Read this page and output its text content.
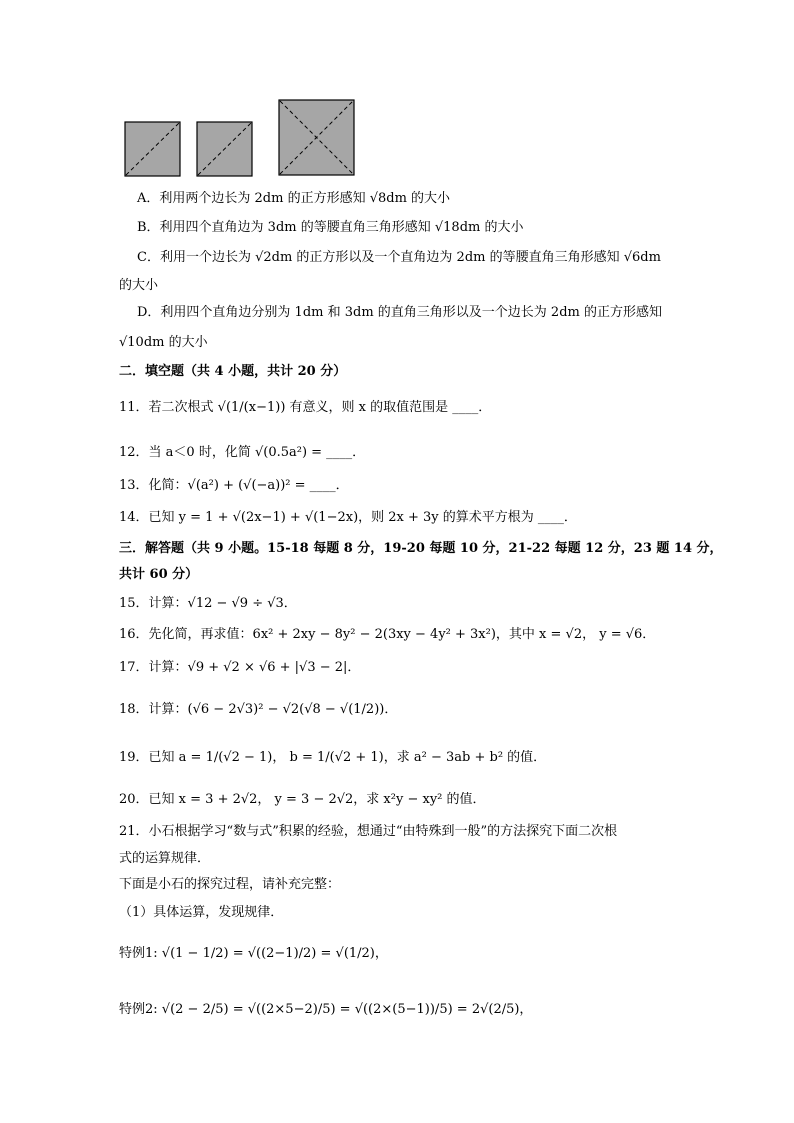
A．利用两个边长为 2dm 的正方形感知 √8dm 的大小
B．利用四个直角边为 3dm 的等腰直角三角形感知 √18dm 的大小
C．利用一个边长为 √2dm 的正方形以及一个直角边为 2dm 的等腰直角三角形感知 √6dm
的大小
D．利用四个直角边分别为 1dm 和 3dm 的直角三角形以及一个边长为 2dm 的正方形感知
√10dm 的大小
二．填空题（共 4 小题，共计 20 分）
11．若二次根式 √(1/(x−1)) 有意义，则 x 的取值范围是 ____．
12．当 a＜0 时，化简 √(0.5a²) = ____．
13．化简：√(a²) + (√(−a))² = ____．
14．已知 y = 1 + √(2x−1) + √(1−2x)，则 2x + 3y 的算术平方根为 ____．
三．解答题（共 9 小题。15-18 每题 8 分，19-20 每题 10 分，21-22 每题 12 分，23 题 14 分，
共计 60 分）
15．计算：√12 − √9 ÷ √3．
16．先化简，再求值：6x² + 2xy − 8y² − 2(3xy − 4y² + 3x²)，其中 x = √2， y = √6．
17．计算：√9 + √2 × √6 + |√3 − 2|．
18．计算：(√6 − 2√3)² − √2(√8 − √(1/2))．
19．已知 a = 1/(√2 − 1)， b = 1/(√2 + 1)，求 a² − 3ab + b² 的值．
20．已知 x = 3 + 2√2， y = 3 − 2√2，求 x²y − xy² 的值．
21．小石根据学习“数与式”积累的经验，想通过“由特殊到一般”的方法探究下面二次根
式的运算规律．
下面是小石的探究过程，请补充完整：
（1）具体运算，发现规律．
特例1: √(1 − 1/2) = √((2−1)/2) = √(1/2)，
特例2: √(2 − 2/5) = √((2×5−2)/5) = √((2×(5−1))/5) = 2√(2/5)，
